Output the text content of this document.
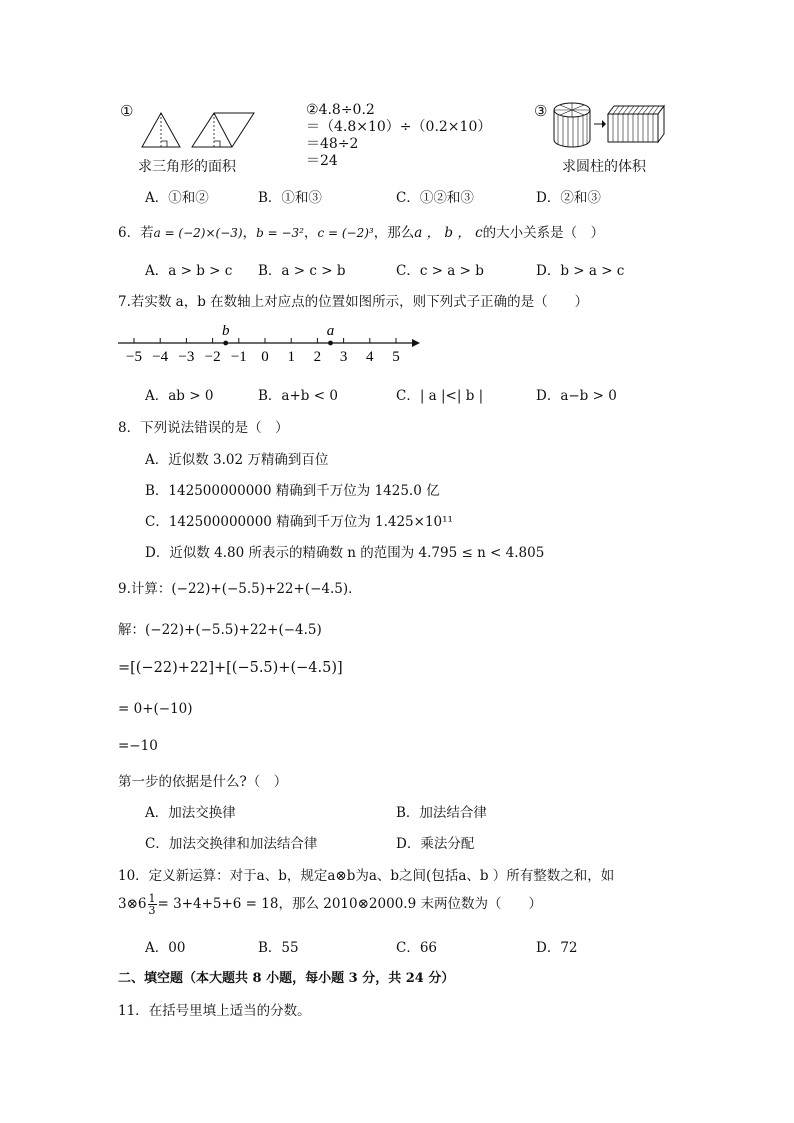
①
求三角形的面积
②4.8÷0.2
＝（4.8×10）÷（0.2×10）
＝48÷2
＝24
③
求圆柱的体积
A．①和②	B．①和③	C．①②和③	D．②和③
6．若a = (−2)×(−3)，b = −3²，c = (−2)³，那么a ， b ， c的大小关系是（　）
A．a > b > c B．a > c > b	C．c > a > b	D．b > a > c
7.若实数 a，b 在数轴上对应点的位置如图所示，则下列式子正确的是（　　）
−5 −4 −3 −2 −1 0 1 2 3 4 5
b	a
A．ab > 0	B．a+b < 0	C．| a |<| b |	D．a−b > 0
8．下列说法错误的是（　）
A．近似数 3.02 万精确到百位
B．142500000000 精确到千万位为 1425.0 亿
C．142500000000 精确到千万位为 1.425×10¹¹
D．近似数 4.80 所表示的精确数 n 的范围为 4.795 ≤ n < 4.805
9.计算：(−22)+(−5.5)+22+(−4.5)．
解：(−22)+(−5.5)+22+(−4.5)
=[(−22)+22]+[(−5.5)+(−4.5)]
= 0+(−10)
=−10
第一步的依据是什么?（　）
A．加法交换律	B．加法结合律
C．加法交换律和加法结合律	D．乘法分配
10．定义新运算：对于a、b，规定a⊗b为a、b之间(包括a、b ）所有整数之和，如
3⊗6 $\frac{1}{3} = 3+4+5+6 = 18$，那么 2010⊗2000.9 末两位数为（　　）
A．00	B．55	C．66	D．72
二、填空题（本大题共 8 小题，每小题 3 分，共 24 分）
11．在括号里填上适当的分数。
